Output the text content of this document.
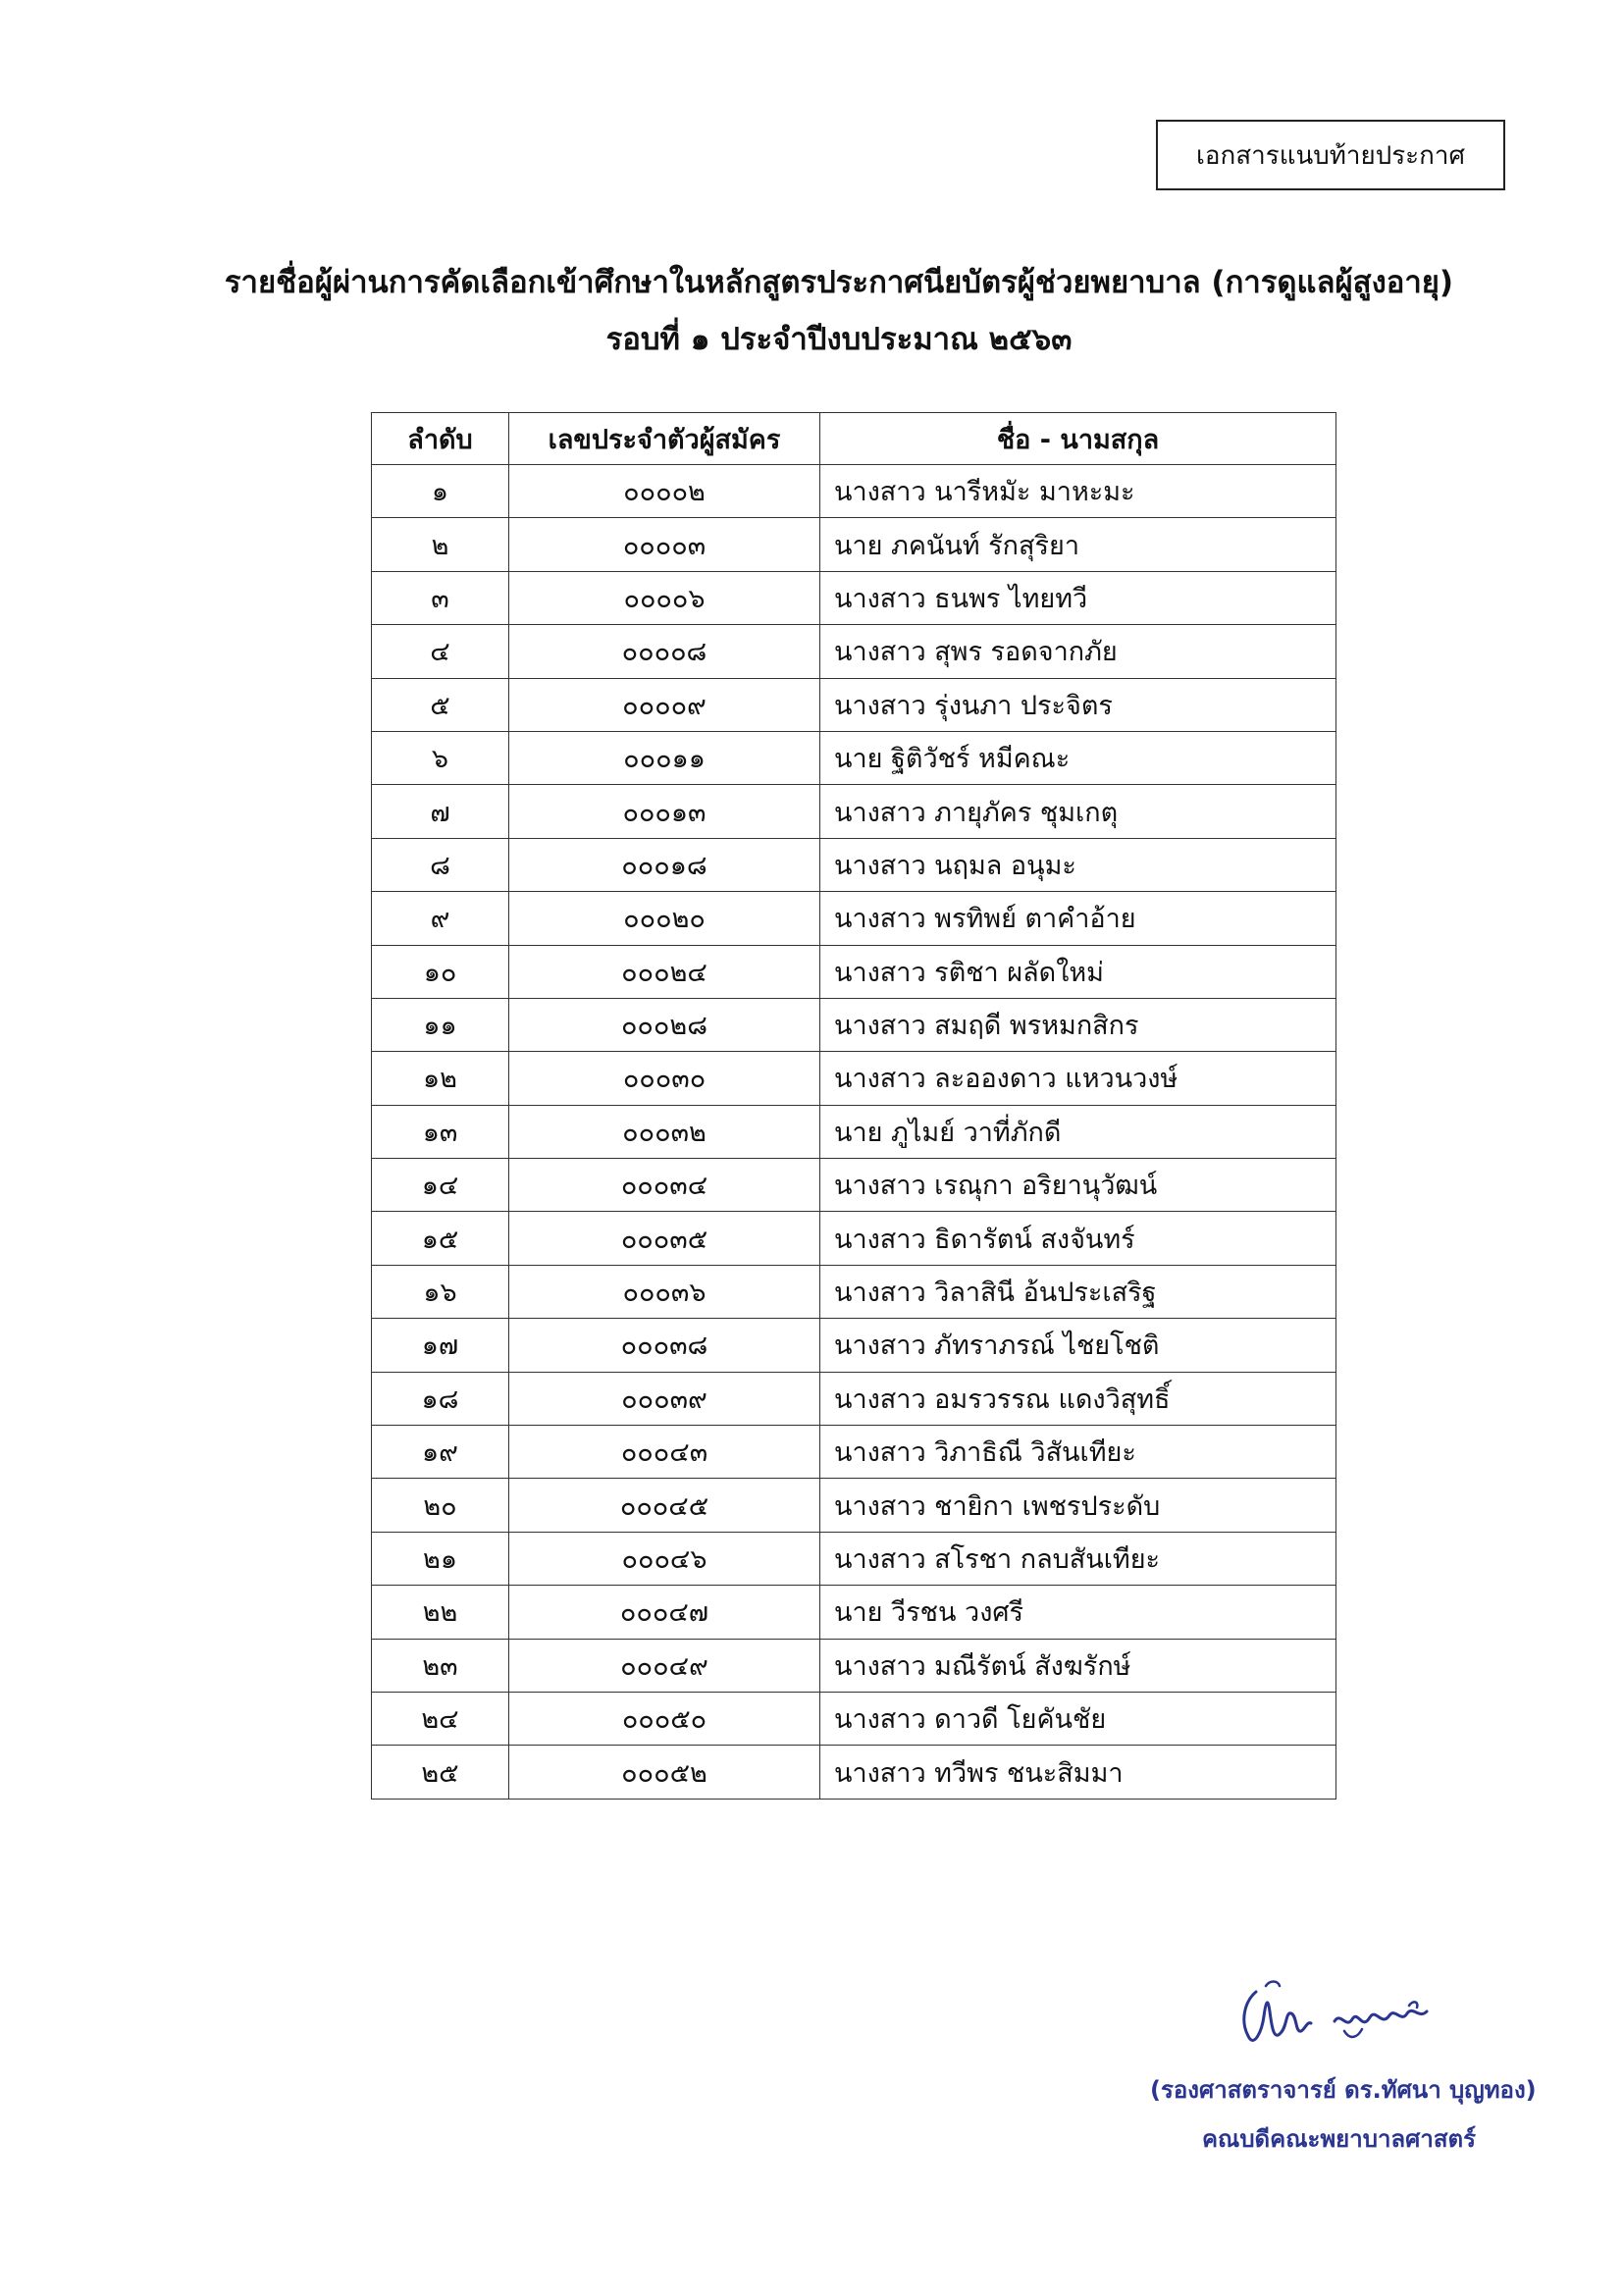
เอกสารแนบท้ายประกาศ
รายชื่อผู้ผ่านการคัดเลือกเข้าศึกษาในหลักสูตรประกาศนียบัตรผู้ช่วยพยาบาล (การดูแลผู้สูงอายุ)
รอบที่ ๑ ประจำปีงบประมาณ ๒๕๖๓
ลำดับ	เลขประจำตัวผู้สมัคร	ชื่อ - นามสกุล
๑	๐๐๐๐๒	นางสาว นารีหมัะ มาหะมะ
๒	๐๐๐๐๓	นาย ภคนันท์ รักสุริยา
๓	๐๐๐๐๖	นางสาว ธนพร ไทยทวี
๔	๐๐๐๐๘	นางสาว สุพร รอดจากภัย
๕	๐๐๐๐๙	นางสาว รุ่งนภา ประจิตร
๖	๐๐๐๑๑	นาย ฐิติวัชร์ หมีคณะ
๗	๐๐๐๑๓	นางสาว ภายุภัคร ชุมเกตุ
๘	๐๐๐๑๘	นางสาว นฤมล อนุมะ
๙	๐๐๐๒๐	นางสาว พรทิพย์ ตาคำอ้าย
๑๐	๐๐๐๒๔	นางสาว รติชา ผลัดใหม่
๑๑	๐๐๐๒๘	นางสาว สมฤดี พรหมกสิกร
๑๒	๐๐๐๓๐	นางสาว ละอองดาว แหวนวงษ์
๑๓	๐๐๐๓๒	นาย ภูไมย์ วาที่ภักดี
๑๔	๐๐๐๓๔	นางสาว เรณุกา อริยานุวัฒน์
๑๕	๐๐๐๓๕	นางสาว ธิดารัตน์ สงจันทร์
๑๖	๐๐๐๓๖	นางสาว วิลาสินี อ้นประเสริฐ
๑๗	๐๐๐๓๘	นางสาว ภัทราภรณ์ ไชยโชติ
๑๘	๐๐๐๓๙	นางสาว อมรวรรณ แดงวิสุทธิ์
๑๙	๐๐๐๔๓	นางสาว วิภาธิณี วิสันเทียะ
๒๐	๐๐๐๔๕	นางสาว ชายิกา เพชรประดับ
๒๑	๐๐๐๔๖	นางสาว สโรชา กลบสันเทียะ
๒๒	๐๐๐๔๗	นาย วีรชน วงศรี
๒๓	๐๐๐๔๙	นางสาว มณีรัตน์ สังฆรักษ์
๒๔	๐๐๐๕๐	นางสาว ดาวดี โยคันชัย
๒๕	๐๐๐๕๒	นางสาว ทวีพร ชนะสิมมา
(รองศาสตราจารย์ ดร.ทัศนา บุญทอง)
คณบดีคณะพยาบาลศาสตร์
